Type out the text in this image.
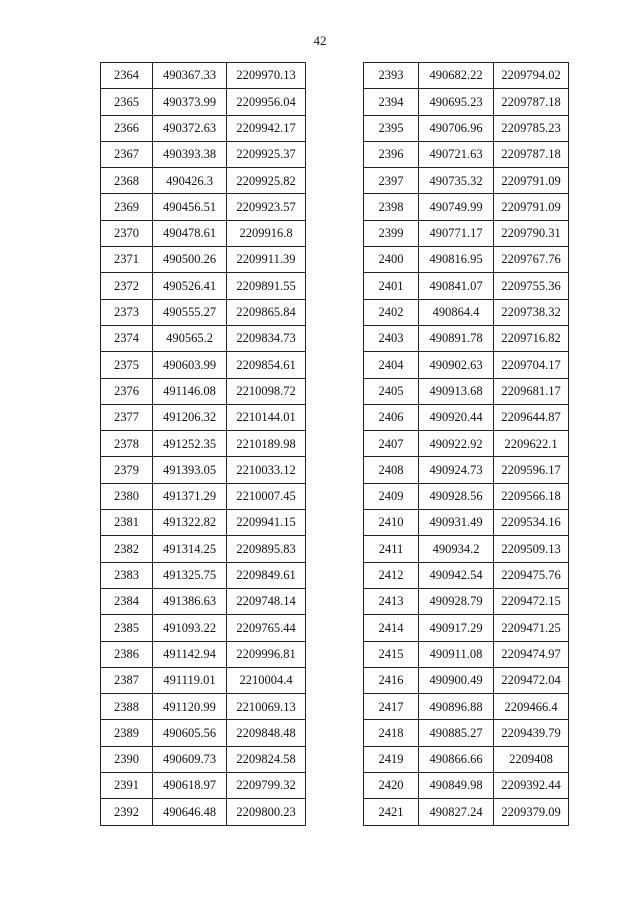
42
2364	490367.33	2209970.13
2365	490373.99	2209956.04
2366	490372.63	2209942.17
2367	490393.38	2209925.37
2368	490426.3	2209925.82
2369	490456.51	2209923.57
2370	490478.61	2209916.8
2371	490500.26	2209911.39
2372	490526.41	2209891.55
2373	490555.27	2209865.84
2374	490565.2	2209834.73
2375	490603.99	2209854.61
2376	491146.08	2210098.72
2377	491206.32	2210144.01
2378	491252.35	2210189.98
2379	491393.05	2210033.12
2380	491371.29	2210007.45
2381	491322.82	2209941.15
2382	491314.25	2209895.83
2383	491325.75	2209849.61
2384	491386.63	2209748.14
2385	491093.22	2209765.44
2386	491142.94	2209996.81
2387	491119.01	2210004.4
2388	491120.99	2210069.13
2389	490605.56	2209848.48
2390	490609.73	2209824.58
2391	490618.97	2209799.32
2392	490646.48	2209800.23
2393	490682.22	2209794.02
2394	490695.23	2209787.18
2395	490706.96	2209785.23
2396	490721.63	2209787.18
2397	490735.32	2209791.09
2398	490749.99	2209791.09
2399	490771.17	2209790.31
2400	490816.95	2209767.76
2401	490841.07	2209755.36
2402	490864.4	2209738.32
2403	490891.78	2209716.82
2404	490902.63	2209704.17
2405	490913.68	2209681.17
2406	490920.44	2209644.87
2407	490922.92	2209622.1
2408	490924.73	2209596.17
2409	490928.56	2209566.18
2410	490931.49	2209534.16
2411	490934.2	2209509.13
2412	490942.54	2209475.76
2413	490928.79	2209472.15
2414	490917.29	2209471.25
2415	490911.08	2209474.97
2416	490900.49	2209472.04
2417	490896.88	2209466.4
2418	490885.27	2209439.79
2419	490866.66	2209408
2420	490849.98	2209392.44
2421	490827.24	2209379.09
